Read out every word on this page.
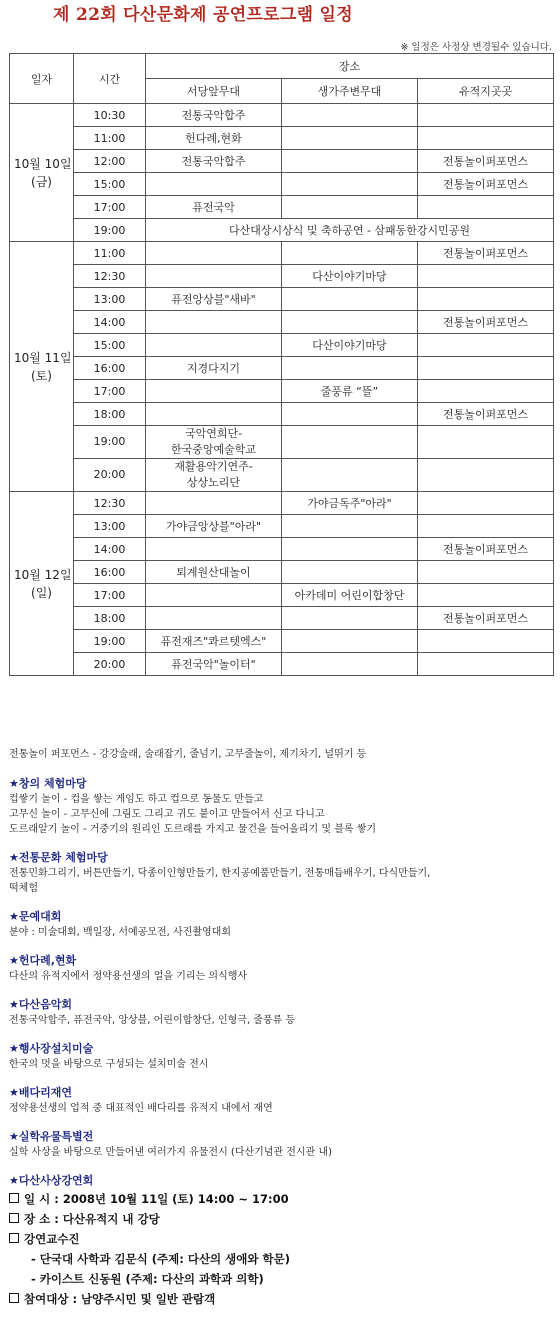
제 22회 다산문화제 공연프로그램 일정
※ 일정은 사정상 변경될수 있습니다.
일자	시간	장소		
		서당앞무대	생가주변무대	유적지곳곳

10월 10일
(금)	10:30	전통국악합주		
	11:00	헌다례,현화		
	12:00	전통국악합주		전통놀이퍼포먼스
	15:00			전통놀이퍼포먼스
	17:00	퓨전국악		
	19:00	다산대상시상식 및 축하공연 - 삼패동한강시민공원		

10월 11일
(토)	11:00			전통놀이퍼포먼스
	12:30		다산이야기마당	
	13:00	퓨전앙상블"새바"		
	14:00			전통놀이퍼포먼스
	15:00		다산이야기마당	
	16:00	지경다지기		
	17:00		줄풍류 “뜰”	
	18:00			전통놀이퍼포먼스
	19:00	국악연희단-
한국중앙예술학교		

	20:00	재활용악기연주-
상상노리단		

10월 12일
(일)	12:30		가야금독주"아라"	
	13:00	가야금앙상블"아라"		
	14:00			전통놀이퍼포먼스
	16:00	퇴계원산대놀이		
	17:00		아카데미 어린이합창단	
	18:00			전통놀이퍼포먼스
	19:00	퓨전재즈"콰르텟엑스"		
	20:00	퓨전국악"놀이터"		
전통놀이 퍼포먼스 - 강강술래, 술래잡기, 줄넘기, 고무줄놀이, 제기차기, 널뛰기 등
★창의 체험마당
컵쌓기 놀이 - 컵을 쌓는 게임도 하고 컵으로 동물도 만들고
고무신 놀이 - 고무신에 그림도 그리고 귀도 붙이고 만들어서 신고 다니고
도르래알기 놀이 - 거중기의 원리인 도르래를 가지고 물건을 들어올리기 및 블록 쌓기
★전통문화 체험마당
전통민화그리기, 버튼만들기, 닥종이인형만들기, 한지공예품만들기, 전통매듭배우기, 다식만들기,
떡체험
★문예대회
분야 : 미술대회, 백일장, 서예공모전, 사진촬영대회
★헌다례,현화
다산의 유적지에서 정약용선생의 얼을 기리는 의식행사
★다산음악회
전통국악합주, 퓨전국악, 앙상블, 어린이합창단, 인형극, 줄풍류 등
★행사장설치미술
한국의 멋을 바탕으로 구성되는 설치미술 전시
★배다리재연
정약용선생의 업적 중 대표적인 배다리를 유적지 내에서 재연
★실학유물특별전
실학 사상을 바탕으로 만들어낸 여러가지 유물전시 (다산기념관 전시관 내)
★다산사상강연회
일 시 : 2008년 10월 11일 (토) 14:00 ~ 17:00
장 소 : 다산유적지 내 강당
강연교수진
- 단국대 사학과 김문식 (주제: 다산의 생애와 학문)
- 카이스트 신동원 (주제: 다산의 과학과 의학)
참여대상 : 남양주시민 및 일반 관람객
